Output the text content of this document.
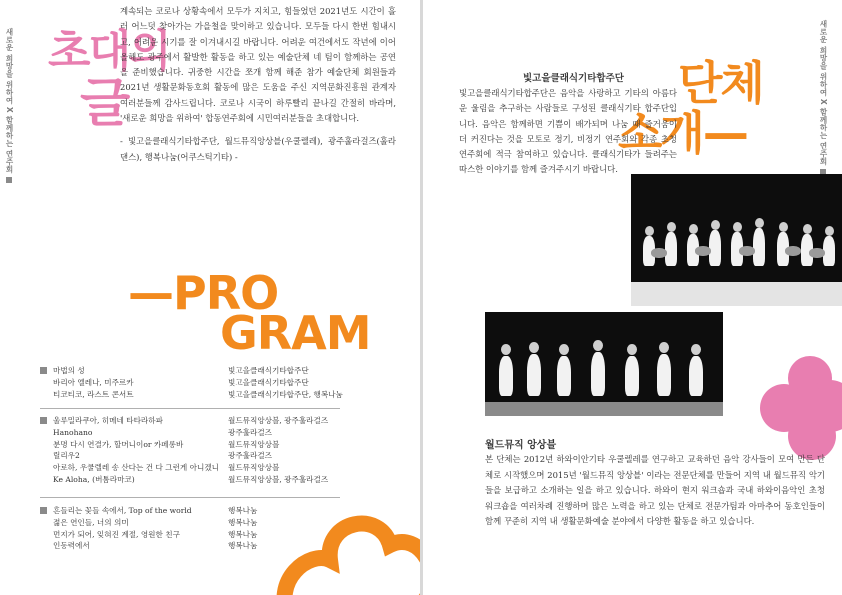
새로운 희망을 위하여 X 함께하는 연주회 초대의
글

계속되는 코로나 상황속에서 모두가 지치고, 힘들었던 2021년도 시간이 흘러 어느덧 찾아가는 가을철을 맞이하고 있습니다. 모두들 다시 한번 힘내시고, 어려운 시기를 잘 이겨내시길 바랍니다. 어려운 여건에서도 작년에 이어 올해도 광주에서 활발한 활동을 하고 있는 예술단체 네 팀이 함께하는 공연을 준비했습니다. 귀중한 시간을 쪼개 함께 해준 참가 예술단체 회원들과 2021년 생활문화동호회 활동에 많은 도움을 주신 지역문화진흥원 관계자 여러분들께 감사드립니다. 코로나 시국이 하루빨리 끝나길 간절히 바라며, '새로운 희망을 위하여' 합동연주회에 시민여러분들을 초대합니다.

- 빛고을클래식기타합주단, 월드뮤직앙상블(우쿨렐레), 광주훌라걸즈(훌라댄스), 행복나눔(어쿠스틱기타) -

—PRO
GRAM
마법의 성
바리아 엘레나, 미주르카
티코티코, 라스트 콘서트
빛고을클래식기타합주단
빛고을클래식기타합주단
빛고을클래식기타합주단, 행복나눔
울루밀라쿠아, 히메네 타타라하파
Hanohano
분명 다시 연결가, 할머니이or 카페롱바
릴리우2
아로하, 우쿨렐레 송 산다는 건 다 그런게 아니겠니
Ke Aloha, (버톰라마코)
월드뮤직앙상블, 광주훌라걸즈
광주훌라걸즈
월드뮤직앙상블
광주훌라걸즈
월드뮤직앙상블
월드뮤직앙상블, 광주훌라걸즈
흔들리는 꽃들 속에서, Top of the world
젊은 연인들, 너의 의미
먼지가 되어, 잊혀진 계절, 영원한 친구
인동력에서
행복나눔
행복나눔
행복나눔
행복나눔
새로운 희망을 위하여 X 함께하는 연주회
빛고을클래식기타합주단 단체
소개—

빛고을클래식기타합주단은 음악을 사랑하고 기타의 아름다운 울림을 추구하는 사람들로 구성된 클래식기타 합주단입니다. 음악은 함께하면 기쁨이 배가되며 나눔 때 즐거움이 더 커진다는 것을 모토로 정기, 비정기 연주회와 각종 초청 연주회에 적극 참여하고 있습니다. 클래식기타가 들려주는 따스한 이야기를 함께 즐겨주시기 바랍니다.

월드뮤직 앙상블

본 단체는 2012년 하와이안기타 우쿨렐레를 연구하고 교육하던 음악 강사들이 모여 만든 단체로 시작했으며 2015년 '월드뮤직 앙상블' 이라는 전문단체를 만들어 지역 내 월드뮤직 악기들을 보급하고 소개하는 일을 하고 있습니다. 하와이 현지 워크숍과 국내 하와이음악인 초청 워크숍을 여러차례 진행하며 많은 노력을 하고 있는 단체로 전문가팀과 아마추어 동호인들이 함께 꾸준히 지역 내 생활문화예술 분야에서 다양한 활동을 하고 있습니다.
